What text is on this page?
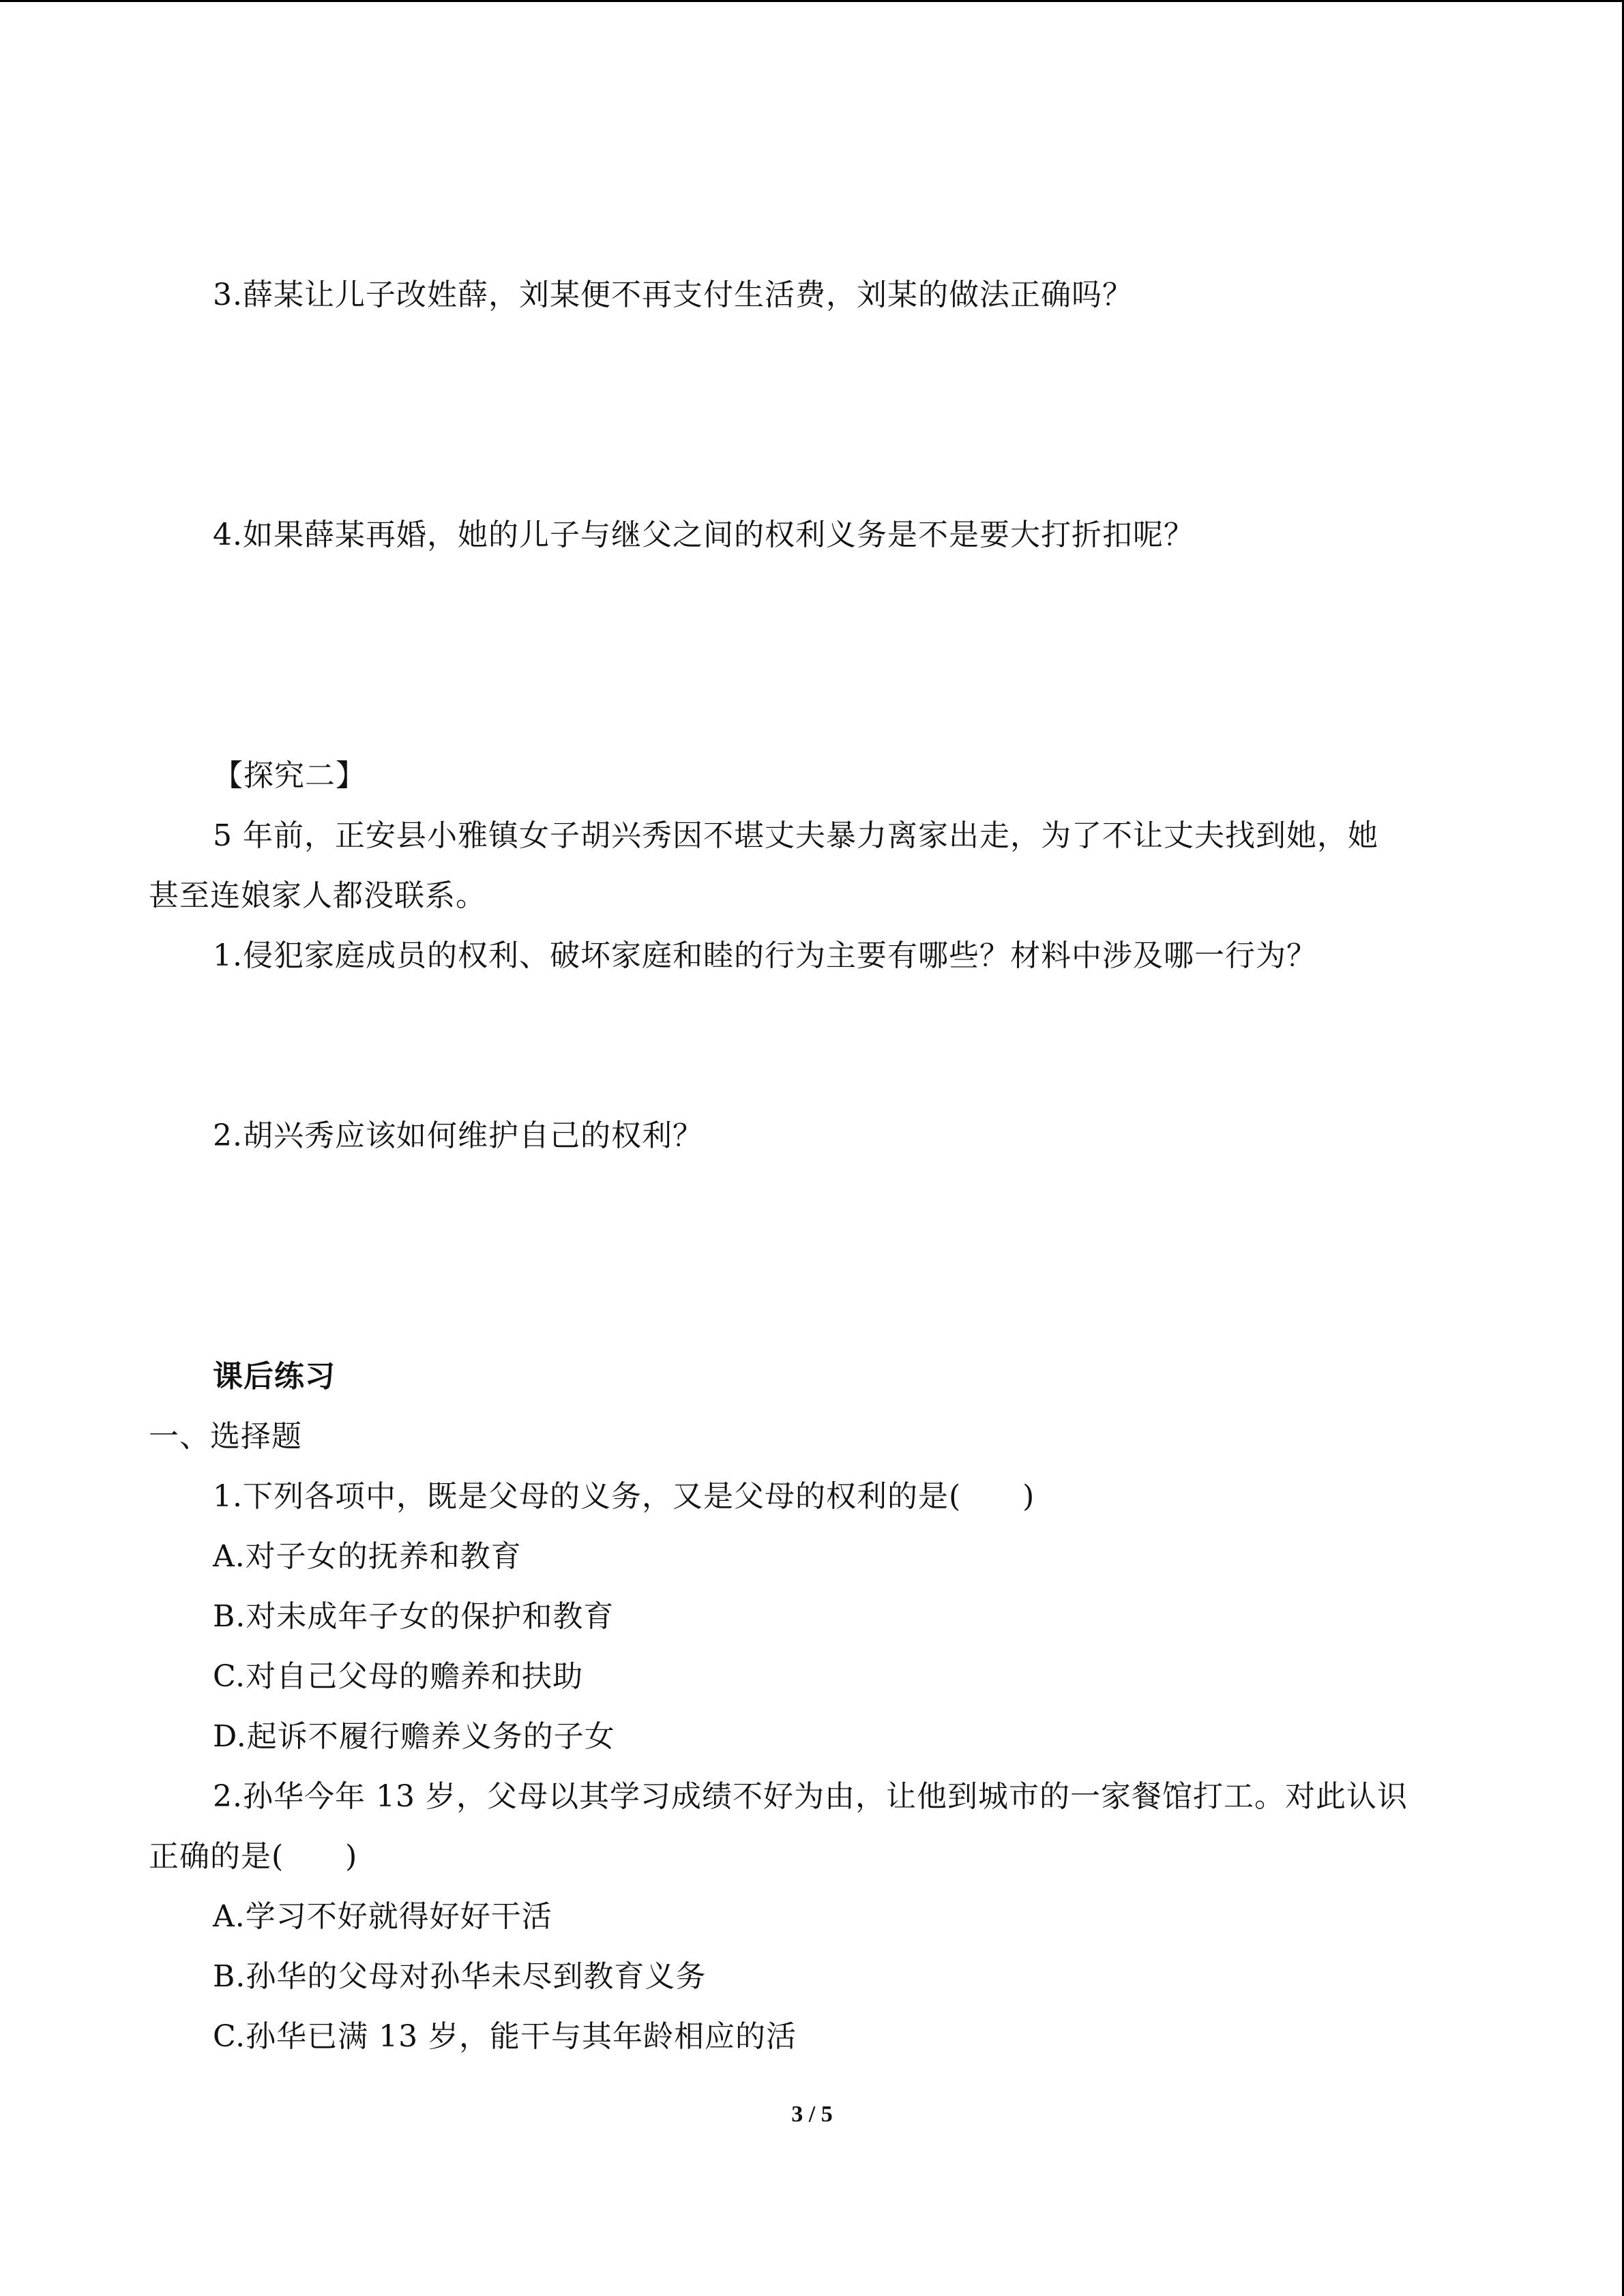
3.薛某让儿子改姓薛，刘某便不再支付生活费，刘某的做法正确吗？
4.如果薛某再婚，她的儿子与继父之间的权利义务是不是要大打折扣呢？
【探究二】
5 年前，正安县小雅镇女子胡兴秀因不堪丈夫暴力离家出走，为了不让丈夫找到她，她
甚至连娘家人都没联系。
1.侵犯家庭成员的权利、破坏家庭和睦的行为主要有哪些？材料中涉及哪一行为？
2.胡兴秀应该如何维护自己的权利？
课后练习
一、选择题
1.下列各项中，既是父母的义务，又是父母的权利的是(　　)
A.对子女的抚养和教育
B.对未成年子女的保护和教育
C.对自己父母的赡养和扶助
D.起诉不履行赡养义务的子女
2.孙华今年 13 岁，父母以其学习成绩不好为由，让他到城市的一家餐馆打工。对此认识
正确的是(　　)
A.学习不好就得好好干活
B.孙华的父母对孙华未尽到教育义务
C.孙华已满 13 岁，能干与其年龄相应的活
3 / 5
